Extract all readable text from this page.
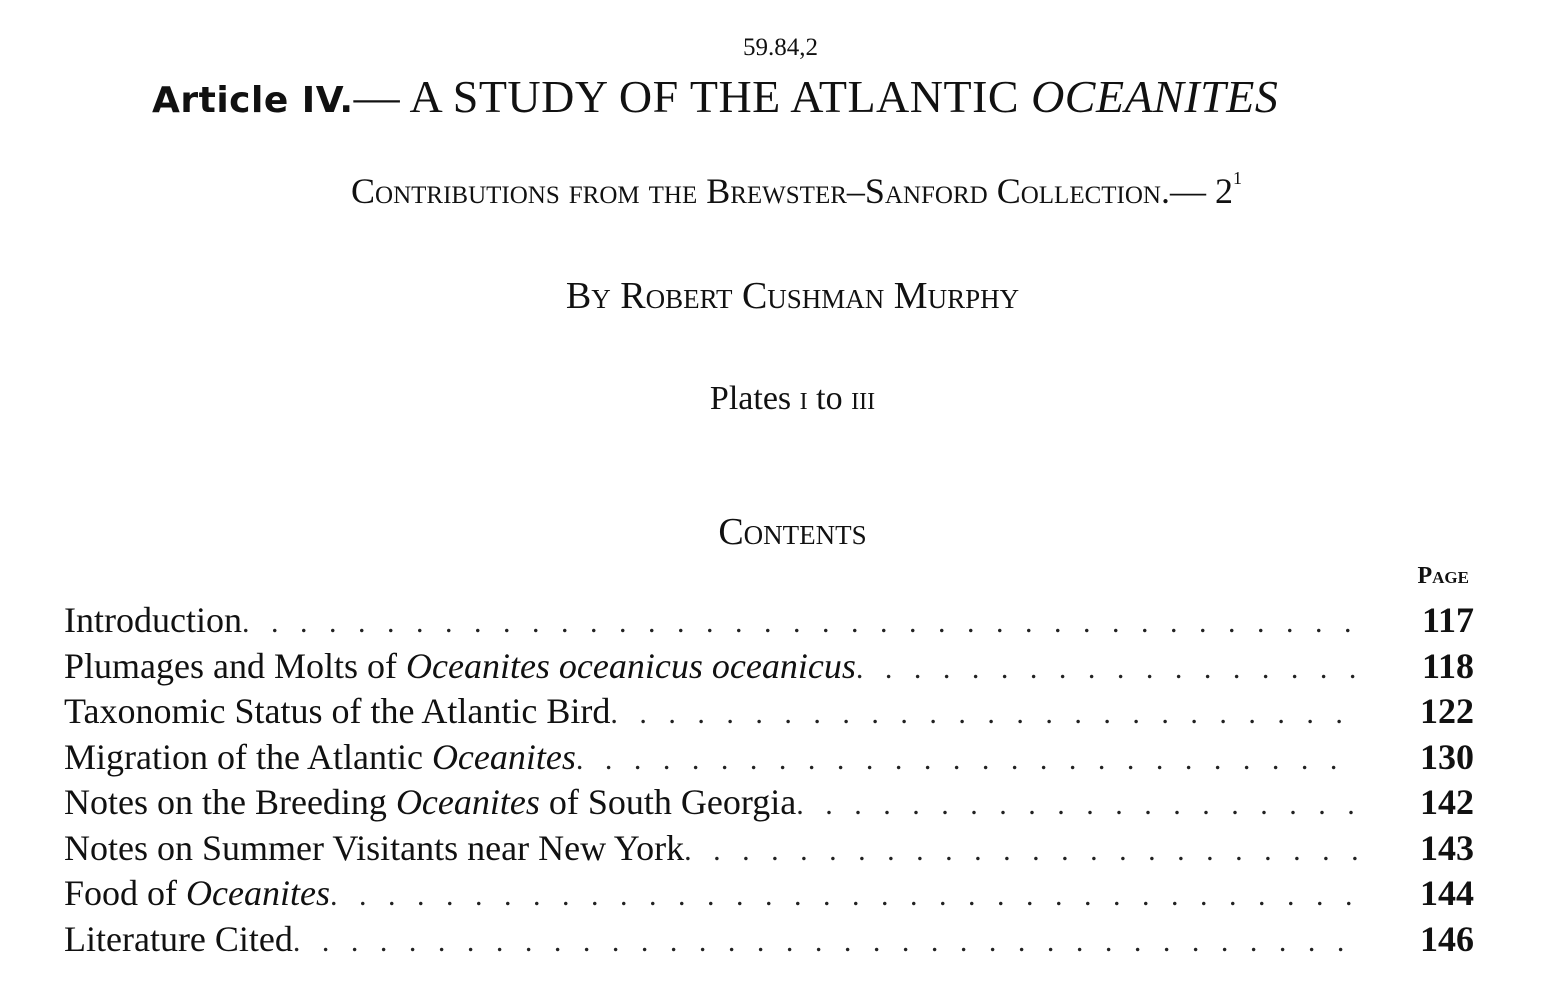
59.84,2
Article IV.— A STUDY OF THE ATLANTIC OCEANITES
Contributions from the Brewster–Sanford Collection.— $2^1$
By Robert Cushman Murphy
Plates i to iii
Contents
Page
Introduction . . .	117
Plumages and Molts of Oceanites oceanicus oceanicus . . .	118
Taxonomic Status of the Atlantic Bird . . .	122
Migration of the Atlantic Oceanites . . .	130
Notes on the Breeding Oceanites of South Georgia . . .	142
Notes on Summer Visitants near New York . . .	143
Food of Oceanites . . .	144
Literature Cited . . .	146
